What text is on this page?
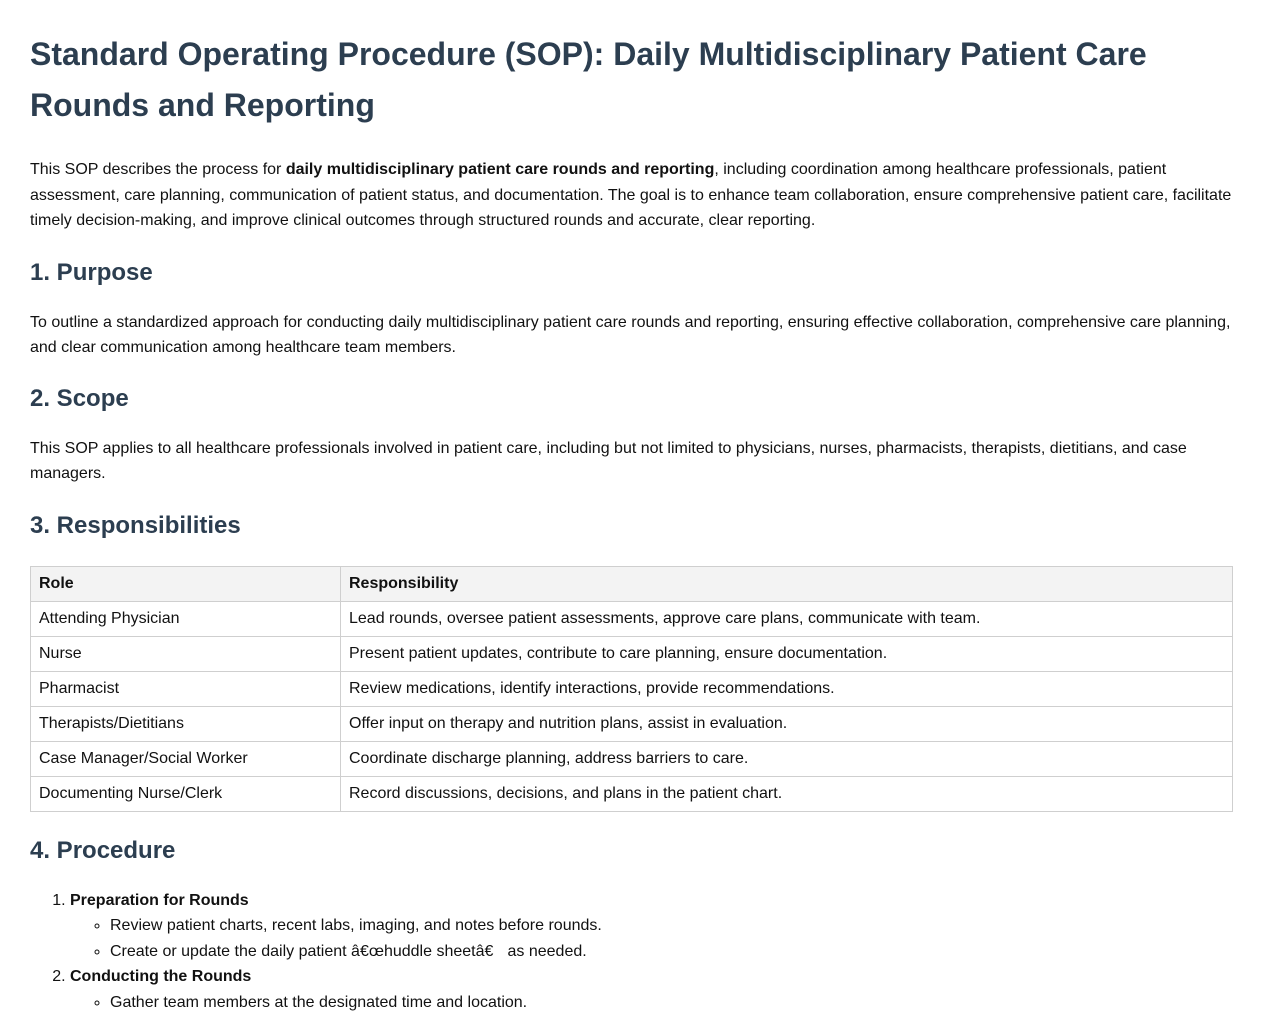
Standard Operating Procedure (SOP): Daily Multidisciplinary Patient Care Rounds and Reporting

This SOP describes the process for daily multidisciplinary patient care rounds and reporting, including coordination among healthcare professionals, patient assessment, care planning, communication of patient status, and documentation. The goal is to enhance team collaboration, ensure comprehensive patient care, facilitate timely decision-making, and improve clinical outcomes through structured rounds and accurate, clear reporting.

1. Purpose

To outline a standardized approach for conducting daily multidisciplinary patient care rounds and reporting, ensuring effective collaboration, comprehensive care planning, and clear communication among healthcare team members.

2. Scope

This SOP applies to all healthcare professionals involved in patient care, including but not limited to physicians, nurses, pharmacists, therapists, dietitians, and case managers.

3. Responsibilities
Role	Responsibility
Attending Physician	Lead rounds, oversee patient assessments, approve care plans, communicate with team.
Nurse	Present patient updates, contribute to care planning, ensure documentation.
Pharmacist	Review medications, identify interactions, provide recommendations.
Therapists/Dietitians	Offer input on therapy and nutrition plans, assist in evaluation.
Case Manager/Social Worker	Coordinate discharge planning, address barriers to care.
Documenting Nurse/Clerk	Record discussions, decisions, and plans in the patient chart.
4. Procedure
1. Preparation for Rounds
◦ Review patient charts, recent labs, imaging, and notes before rounds.
◦ Create or update the daily patient â€œhuddle sheetâ€ as needed.
2. Conducting the Rounds
◦ Gather team members at the designated time and location.
